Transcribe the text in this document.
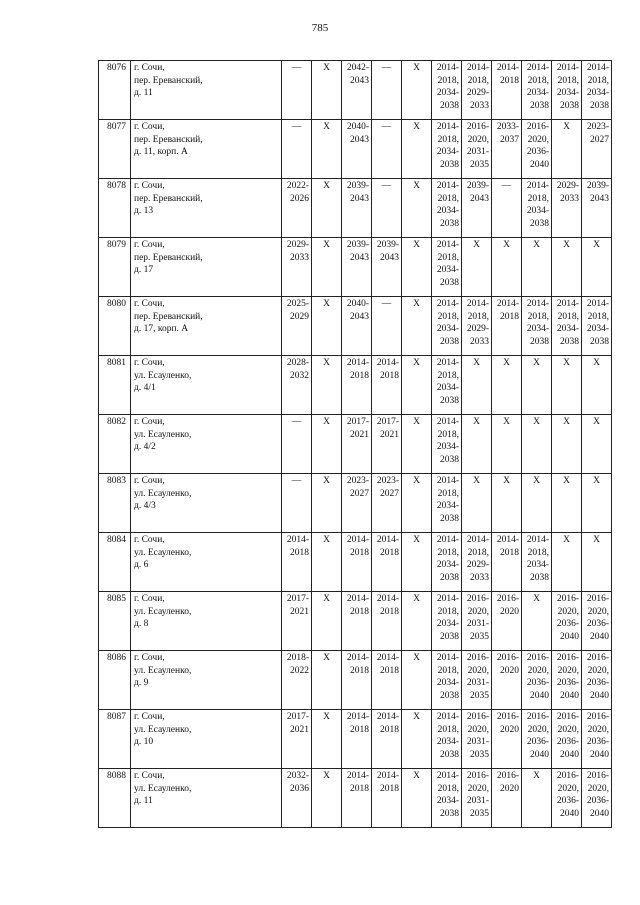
785
8076	г. Сочи,
пер. Ереванский,
д. 11	—	X	2042-
2043	—	X	2014-
2018,
2034-
2038	2014-
2018,
2029-
2033	2014-
2018	2014-
2018,
2034-
2038	2014-
2018,
2034-
2038	2014-
2018,
2034-
2038
8077	г. Сочи,
пер. Ереванский,
д. 11, корп. А	—	X	2040-
2043	—	X	2014-
2018,
2034-
2038	2016-
2020,
2031-
2035	2033-
2037	2016-
2020,
2036-
2040	X	2023-
2027
8078	г. Сочи,
пер. Ереванский,
д. 13	2022-
2026	X	2039-
2043	—	X	2014-
2018,
2034-
2038	2039-
2043	—	2014-
2018,
2034-
2038	2029-
2033	2039-
2043
8079	г. Сочи,
пер. Ереванский,
д. 17	2029-
2033	X	2039-
2043	2039-
2043	X	2014-
2018,
2034-
2038	X	X	X	X	X
8080	г. Сочи,
пер. Ереванский,
д. 17, корп. А	2025-
2029	X	2040-
2043	—	X	2014-
2018,
2034-
2038	2014-
2018,
2029-
2033	2014-
2018	2014-
2018,
2034-
2038	2014-
2018,
2034-
2038	2014-
2018,
2034-
2038
8081	г. Сочи,
ул. Есауленко,
д. 4/1	2028-
2032	X	2014-
2018	2014-
2018	X	2014-
2018,
2034-
2038	X	X	X	X	X
8082	г. Сочи,
ул. Есауленко,
д. 4/2	—	X	2017-
2021	2017-
2021	X	2014-
2018,
2034-
2038	X	X	X	X	X
8083	г. Сочи,
ул. Есауленко,
д. 4/3	—	X	2023-
2027	2023-
2027	X	2014-
2018,
2034-
2038	X	X	X	X	X
8084	г. Сочи,
ул. Есауленко,
д. 6	2014-
2018	X	2014-
2018	2014-
2018	X	2014-
2018,
2034-
2038	2014-
2018,
2029-
2033	2014-
2018	2014-
2018,
2034-
2038	X	X
8085	г. Сочи,
ул. Есауленко,
д. 8	2017-
2021	X	2014-
2018	2014-
2018	X	2014-
2018,
2034-
2038	2016-
2020,
2031-
2035	2016-
2020	X	2016-
2020,
2036-
2040	2016-
2020,
2036-
2040
8086	г. Сочи,
ул. Есауленко,
д. 9	2018-
2022	X	2014-
2018	2014-
2018	X	2014-
2018,
2034-
2038	2016-
2020,
2031-
2035	2016-
2020	2016-
2020,
2036-
2040	2016-
2020,
2036-
2040	2016-
2020,
2036-
2040
8087	г. Сочи,
ул. Есауленко,
д. 10	2017-
2021	X	2014-
2018	2014-
2018	X	2014-
2018,
2034-
2038	2016-
2020,
2031-
2035	2016-
2020	2016-
2020,
2036-
2040	2016-
2020,
2036-
2040	2016-
2020,
2036-
2040
8088	г. Сочи,
ул. Есауленко,
д. 11	2032-
2036	X	2014-
2018	2014-
2018	X	2014-
2018,
2034-
2038	2016-
2020,
2031-
2035	2016-
2020	X	2016-
2020,
2036-
2040	2016-
2020,
2036-
2040
